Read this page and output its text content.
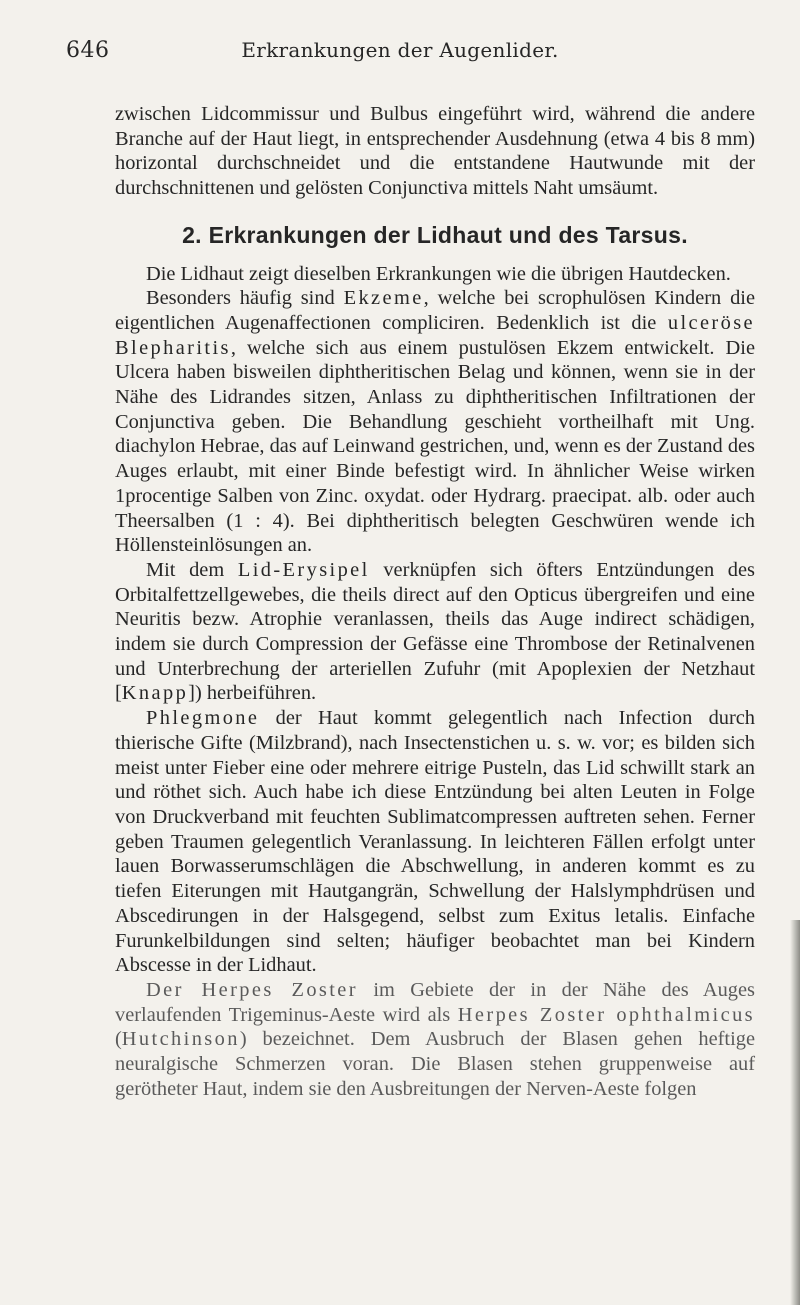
646	Erkrankungen der Augenlider.

zwischen Lidcommissur und Bulbus eingeführt wird, während die andere Branche auf der Haut liegt, in entsprechender Ausdehnung (etwa 4 bis 8 mm) horizontal durchschneidet und die entstandene Hautwunde mit der durchschnittenen und gelösten Conjunctiva mittels Naht umsäumt.

2. Erkrankungen der Lidhaut und des Tarsus.

Die Lidhaut zeigt dieselben Erkrankungen wie die übrigen Hautdecken.

Besonders häufig sind Ekzeme, welche bei scrophulösen Kindern die eigentlichen Augenaffectionen compliciren. Bedenklich ist die ulceröse Blepharitis, welche sich aus einem pustulösen Ekzem entwickelt. Die Ulcera haben bisweilen diphtheritischen Belag und können, wenn sie in der Nähe des Lidrandes sitzen, Anlass zu diphtheritischen Infiltrationen der Conjunctiva geben. Die Behandlung geschieht vortheilhaft mit Ung. diachylon Hebrae, das auf Leinwand gestrichen, und, wenn es der Zustand des Auges erlaubt, mit einer Binde befestigt wird. In ähnlicher Weise wirken 1procentige Salben von Zinc. oxydat. oder Hydrarg. praecipat. alb. oder auch Theersalben (1 : 4). Bei diphtheritisch belegten Geschwüren wende ich Höllensteinlösungen an.

Mit dem Lid-Erysipel verknüpfen sich öfters Entzündungen des Orbitalfettzellgewebes, die theils direct auf den Opticus übergreifen und eine Neuritis bezw. Atrophie veranlassen, theils das Auge indirect schädigen, indem sie durch Compression der Gefässe eine Thrombose der Retinalvenen und Unterbrechung der arteriellen Zufuhr (mit Apoplexien der Netzhaut [Knapp]) herbeiführen.

Phlegmone der Haut kommt gelegentlich nach Infection durch thierische Gifte (Milzbrand), nach Insectenstichen u. s. w. vor; es bilden sich meist unter Fieber eine oder mehrere eitrige Pusteln, das Lid schwillt stark an und röthet sich. Auch habe ich diese Entzündung bei alten Leuten in Folge von Druckverband mit feuchten Sublimatcompressen auftreten sehen. Ferner geben Traumen gelegentlich Veranlassung. In leichteren Fällen erfolgt unter lauen Borwasserumschlägen die Abschwellung, in anderen kommt es zu tiefen Eiterungen mit Hautgangrän, Schwellung der Halslymphdrüsen und Abscedirungen in der Halsgegend, selbst zum Exitus letalis. Einfache Furunkelbildungen sind selten; häufiger beobachtet man bei Kindern Abscesse in der Lidhaut.

Der Herpes Zoster im Gebiete der in der Nähe des Auges verlaufenden Trigeminus-Aeste wird als Herpes Zoster ophthalmicus (Hutchinson) bezeichnet. Dem Ausbruch der Blasen gehen heftige neuralgische Schmerzen voran. Die Blasen stehen gruppenweise auf gerötheter Haut, indem sie den Ausbreitungen der Nerven-Aeste folgen
